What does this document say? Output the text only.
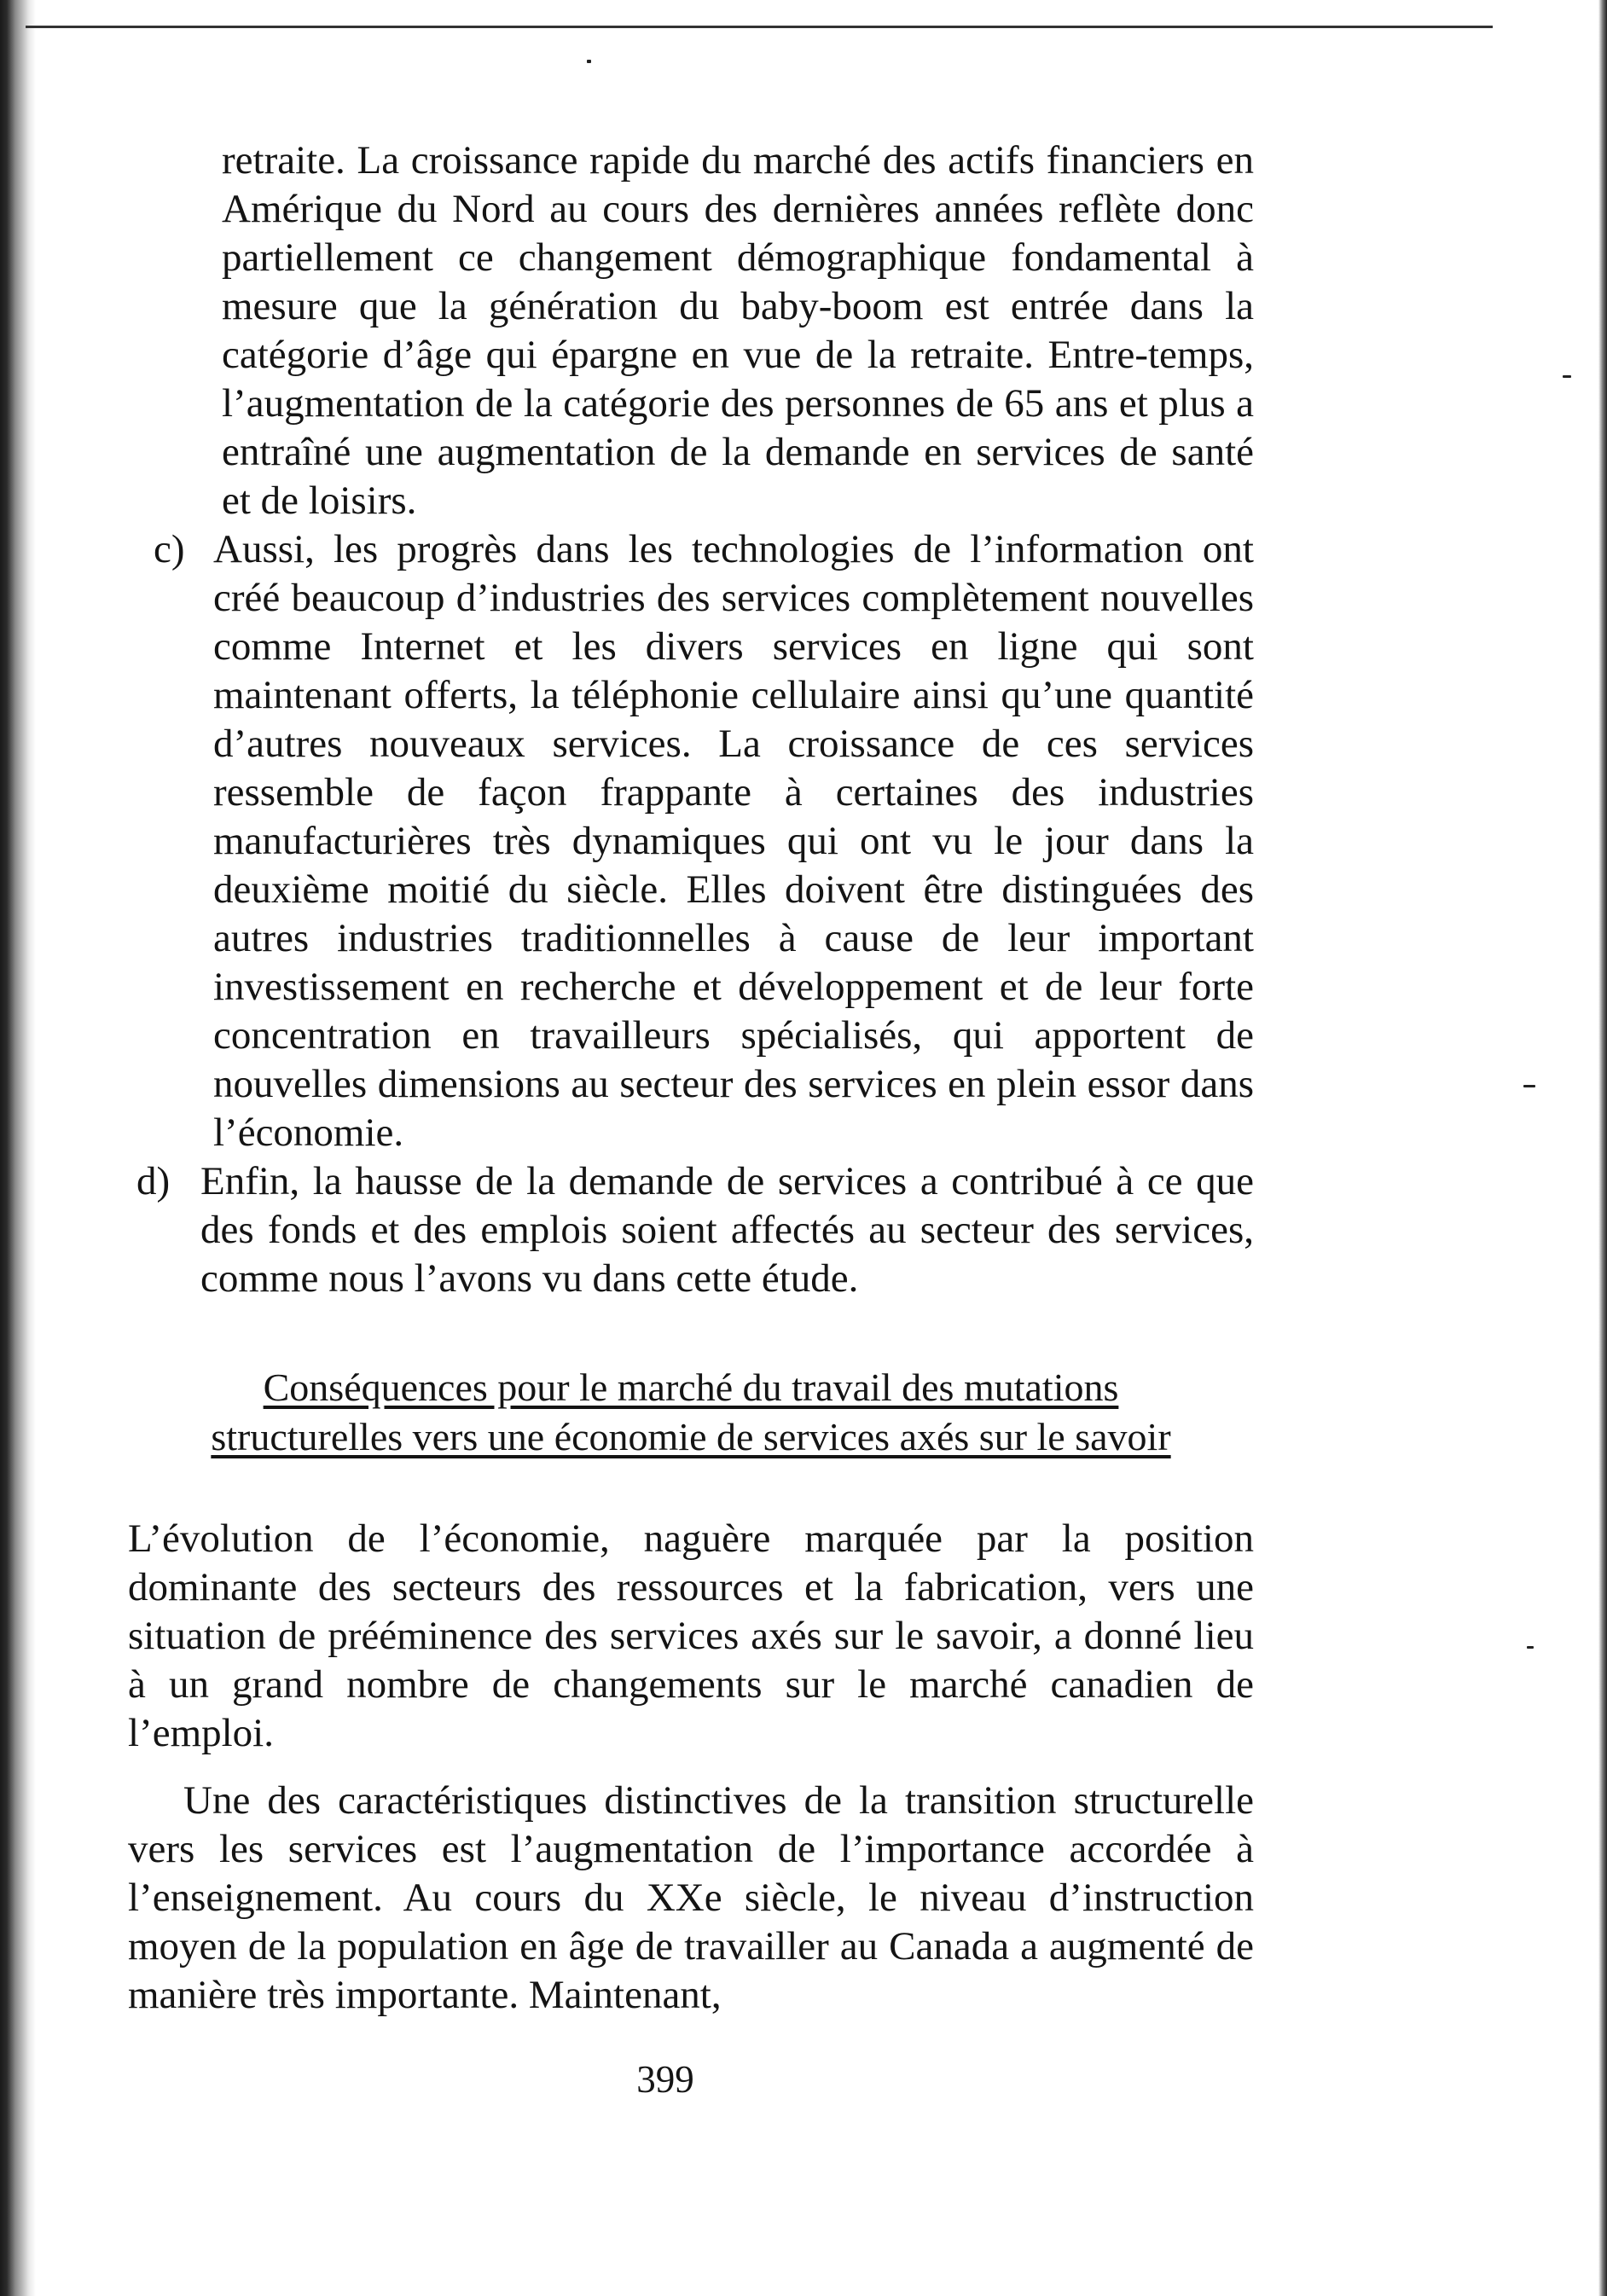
retraite. La croissance rapide du marché des actifs financiers en Amérique du Nord au cours des dernières années reflète donc partiellement ce changement démographique fondamental à mesure que la génération du baby-boom est entrée dans la catégorie d’âge qui épargne en vue de la retraite. Entre-temps, l’augmentation de la catégorie des personnes de 65 ans et plus a entraîné une augmentation de la demande en services de santé et de loisirs.

c) Aussi, les progrès dans les technologies de l’information ont créé beaucoup d’industries des services complètement nouvelles comme Internet et les divers services en ligne qui sont maintenant offerts, la téléphonie cellulaire ainsi qu’une quantité d’autres nouveaux services. La croissance de ces services ressemble de façon frappante à certaines des industries manufacturières très dynamiques qui ont vu le jour dans la deuxième moitié du siècle. Elles doivent être distinguées des autres industries traditionnelles à cause de leur important investissement en recherche et développement et de leur forte concentration en travailleurs spécialisés, qui apportent de nouvelles dimensions au secteur des services en plein essor dans l’économie.

d) Enfin, la hausse de la demande de services a contribué à ce que des fonds et des emplois soient affectés au secteur des services, comme nous l’avons vu dans cette étude.

Conséquences pour le marché du travail des mutations
structurelles vers une économie de services axés sur le savoir

L’évolution de l’économie, naguère marquée par la position dominante des secteurs des ressources et la fabrication, vers une situation de prééminence des services axés sur le savoir, a donné lieu à un grand nombre de changements sur le marché canadien de l’emploi.

Une des caractéristiques distinctives de la transition structurelle vers les services est l’augmentation de l’importance accordée à l’enseignement. Au cours du XXe siècle, le niveau d’instruction moyen de la population en âge de travailler au Canada a augmenté de manière très importante. Maintenant,

399
